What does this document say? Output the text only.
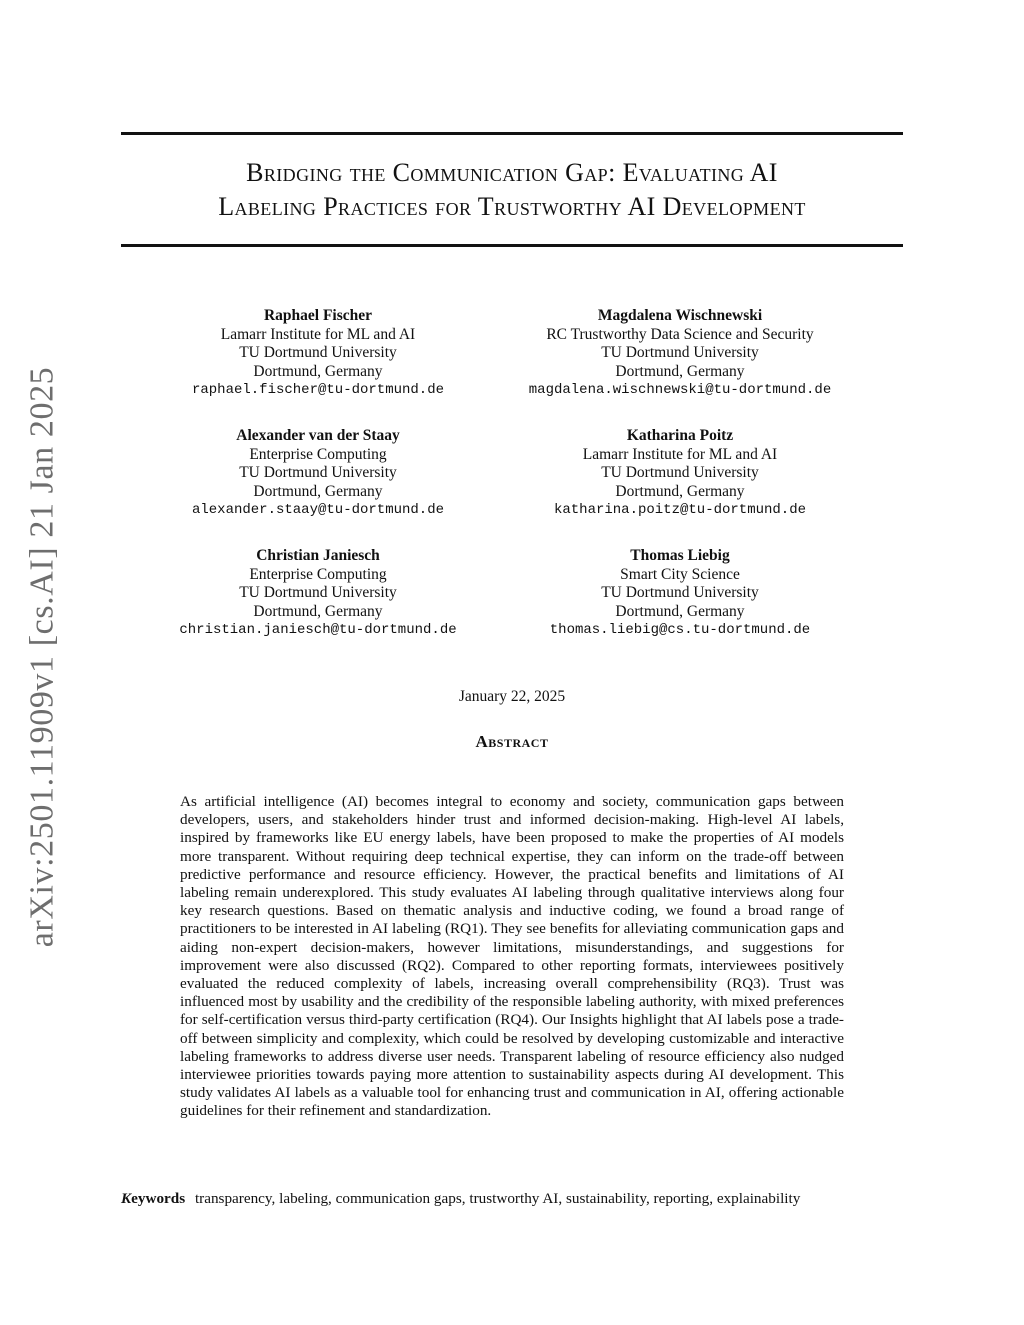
arXiv:2501.11909v1 [cs.AI] 21 Jan 2025
Bridging the Communication Gap: Evaluating AI
Labeling Practices for Trustworthy AI Development
Raphael Fischer
Lamarr Institute for ML and AI
TU Dortmund University
Dortmund, Germany
raphael.fischer@tu-dortmund.de
Magdalena Wischnewski
RC Trustworthy Data Science and Security
TU Dortmund University
Dortmund, Germany
magdalena.wischnewski@tu-dortmund.de
Alexander van der Staay
Enterprise Computing
TU Dortmund University
Dortmund, Germany
alexander.staay@tu-dortmund.de
Katharina Poitz
Lamarr Institute for ML and AI
TU Dortmund University
Dortmund, Germany
katharina.poitz@tu-dortmund.de
Christian Janiesch
Enterprise Computing
TU Dortmund University
Dortmund, Germany
christian.janiesch@tu-dortmund.de
Thomas Liebig
Smart City Science
TU Dortmund University
Dortmund, Germany
thomas.liebig@cs.tu-dortmund.de
January 22, 2025
Abstract

As artificial intelligence (AI) becomes integral to economy and society, communication gaps between developers, users, and stakeholders hinder trust and informed decision-making. High-level AI labels, inspired by frameworks like EU energy labels, have been proposed to make the properties of AI models more transparent. Without requiring deep technical expertise, they can inform on the trade-off between predictive performance and resource efficiency. However, the practical benefits and limitations of AI labeling remain underexplored. This study evaluates AI labeling through qualitative interviews along four key research questions. Based on thematic analysis and inductive coding, we found a broad range of practitioners to be interested in AI labeling (RQ1). They see benefits for alleviating communication gaps and aiding non-expert decision-makers, however limitations, misunderstandings, and suggestions for improvement were also discussed (RQ2). Compared to other reporting formats, interviewees positively evaluated the reduced complexity of labels, increasing overall comprehensibility (RQ3). Trust was influenced most by usability and the credibility of the responsible labeling authority, with mixed preferences for self-certification versus third-party certification (RQ4). Our Insights highlight that AI labels pose a trade-off between simplicity and complexity, which could be resolved by developing customizable and interactive labeling frameworks to address diverse user needs. Transparent labeling of resource efficiency also nudged interviewee priorities towards paying more attention to sustainability aspects during AI development. This study validates AI labels as a valuable tool for enhancing trust and communication in AI, offering actionable guidelines for their refinement and standardization.

Keywords transparency, labeling, communication gaps, trustworthy AI, sustainability, reporting, explainability
